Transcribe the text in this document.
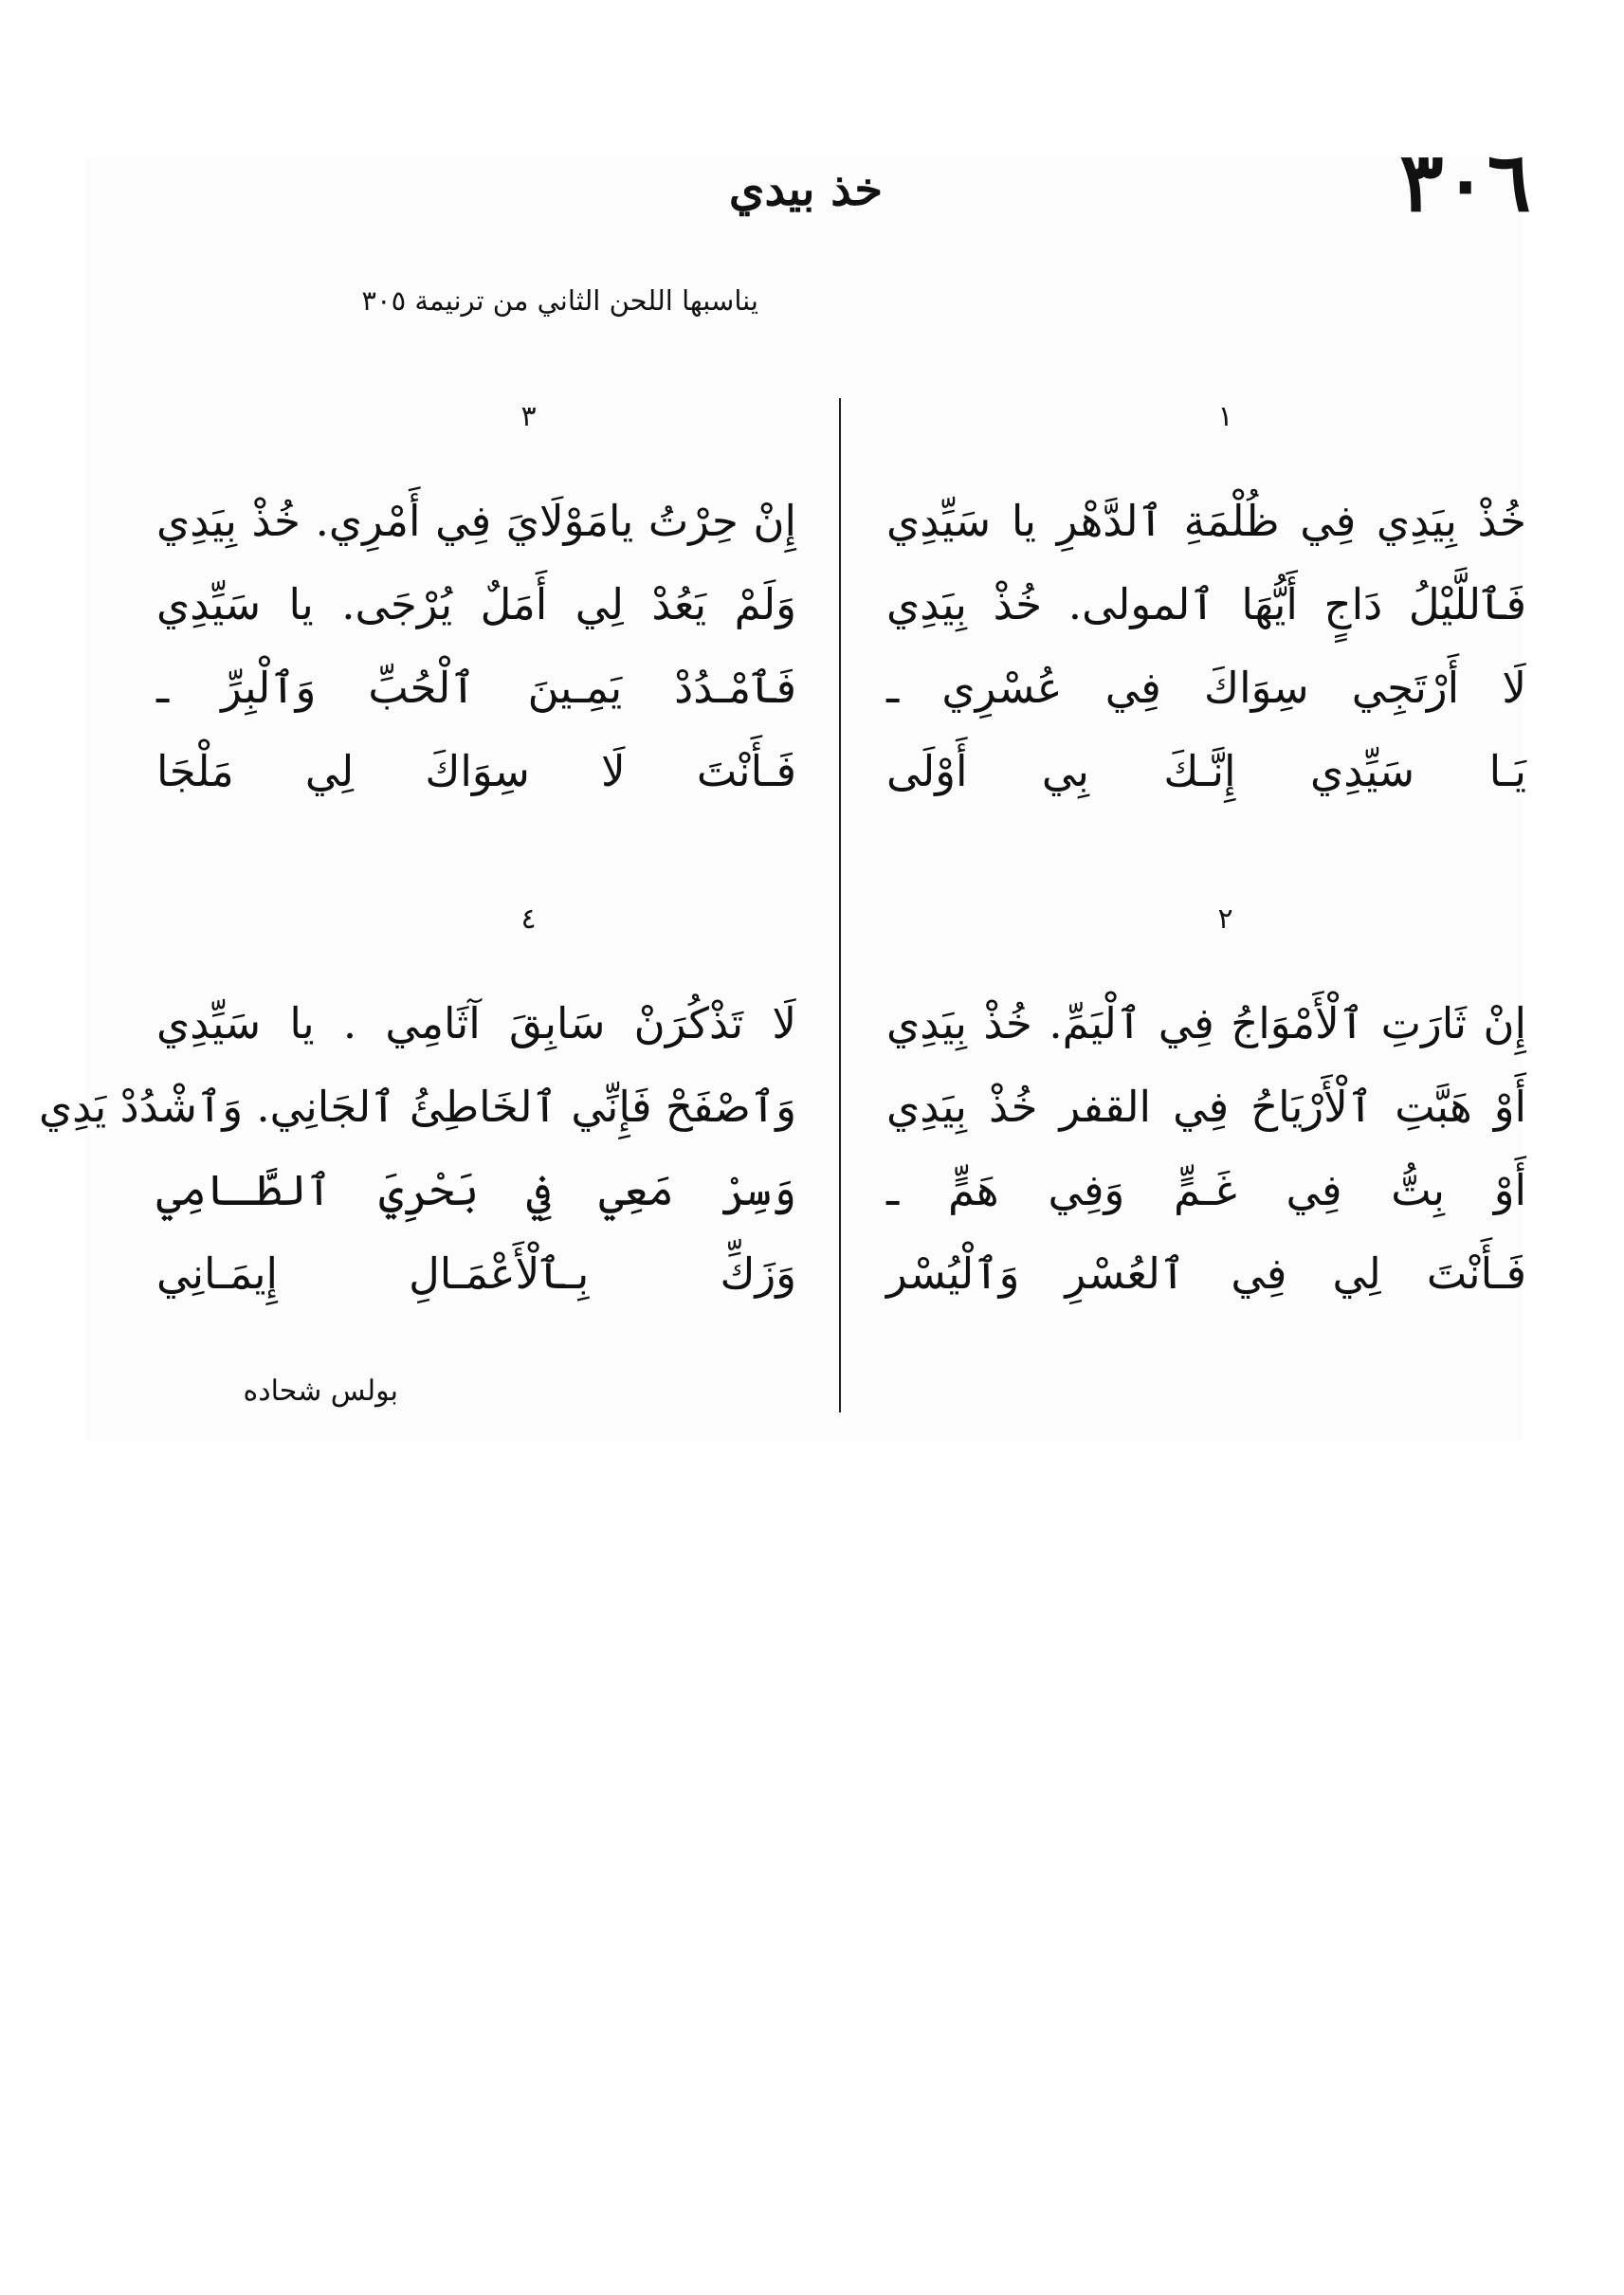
٣٠٦
خذ بيدي
يناسبها اللحن الثاني من ترنيمة ٣٠٥
١
خُذْ بِيَدِي فِي ظُلْمَةِ ٱلدَّهْرِ يا سَيِّدِي
فَٱللَّيْلُ دَاجٍ أَيُّهَا ٱلمولى. خُذْ بِيَدِي
لَا أَرْتَجِي سِوَاكَ فِي عُسْرِي ـ
يَـا سَيِّدِي إِنَّـكَ بِي أَوْلَى
٢
إِنْ ثَارَتِ ٱلْأَمْوَاجُ فِي ٱلْيَمِّ. خُذْ بِيَدِي
أَوْ هَبَّتِ ٱلْأَرْيَاحُ فِي القفر خُذْ بِيَدِي
أَوْ بِتُّ فِي غَـمٍّ وَفِي هَمٍّ ـ
فَـأَنْتَ لِي فِي ٱلعُسْرِ وَٱلْيُسْر
٣
إِنْ حِرْتُ يامَوْلَايَ فِي أَمْرِي. خُذْ بِيَدِي
وَلَمْ يَعُدْ لِي أَمَلٌ يُرْجَى. يا سَيِّدِي
فَٱمْـدُدْ يَمِـينَ ٱلْحُبِّ وَٱلْبِرِّ ـ
فَـأَنْتَ لَا سِوَاكَ لِي مَلْجَا
٤
لَا تَذْكُرَنْ سَابِقَ آثَامِي . يا سَيِّدِي
وَٱصْفَحْ فَإِنِّي ٱلخَاطِئُ ٱلجَانِي. وَٱشْدُدْ يَدِي
وَسِرْ مَعِي فِي بَحْرِيَ ٱلطَّـامِي
وَزَكِّ بِـٱلْأَعْمَـالِ إِيمَـانِي
بولس شحاده
